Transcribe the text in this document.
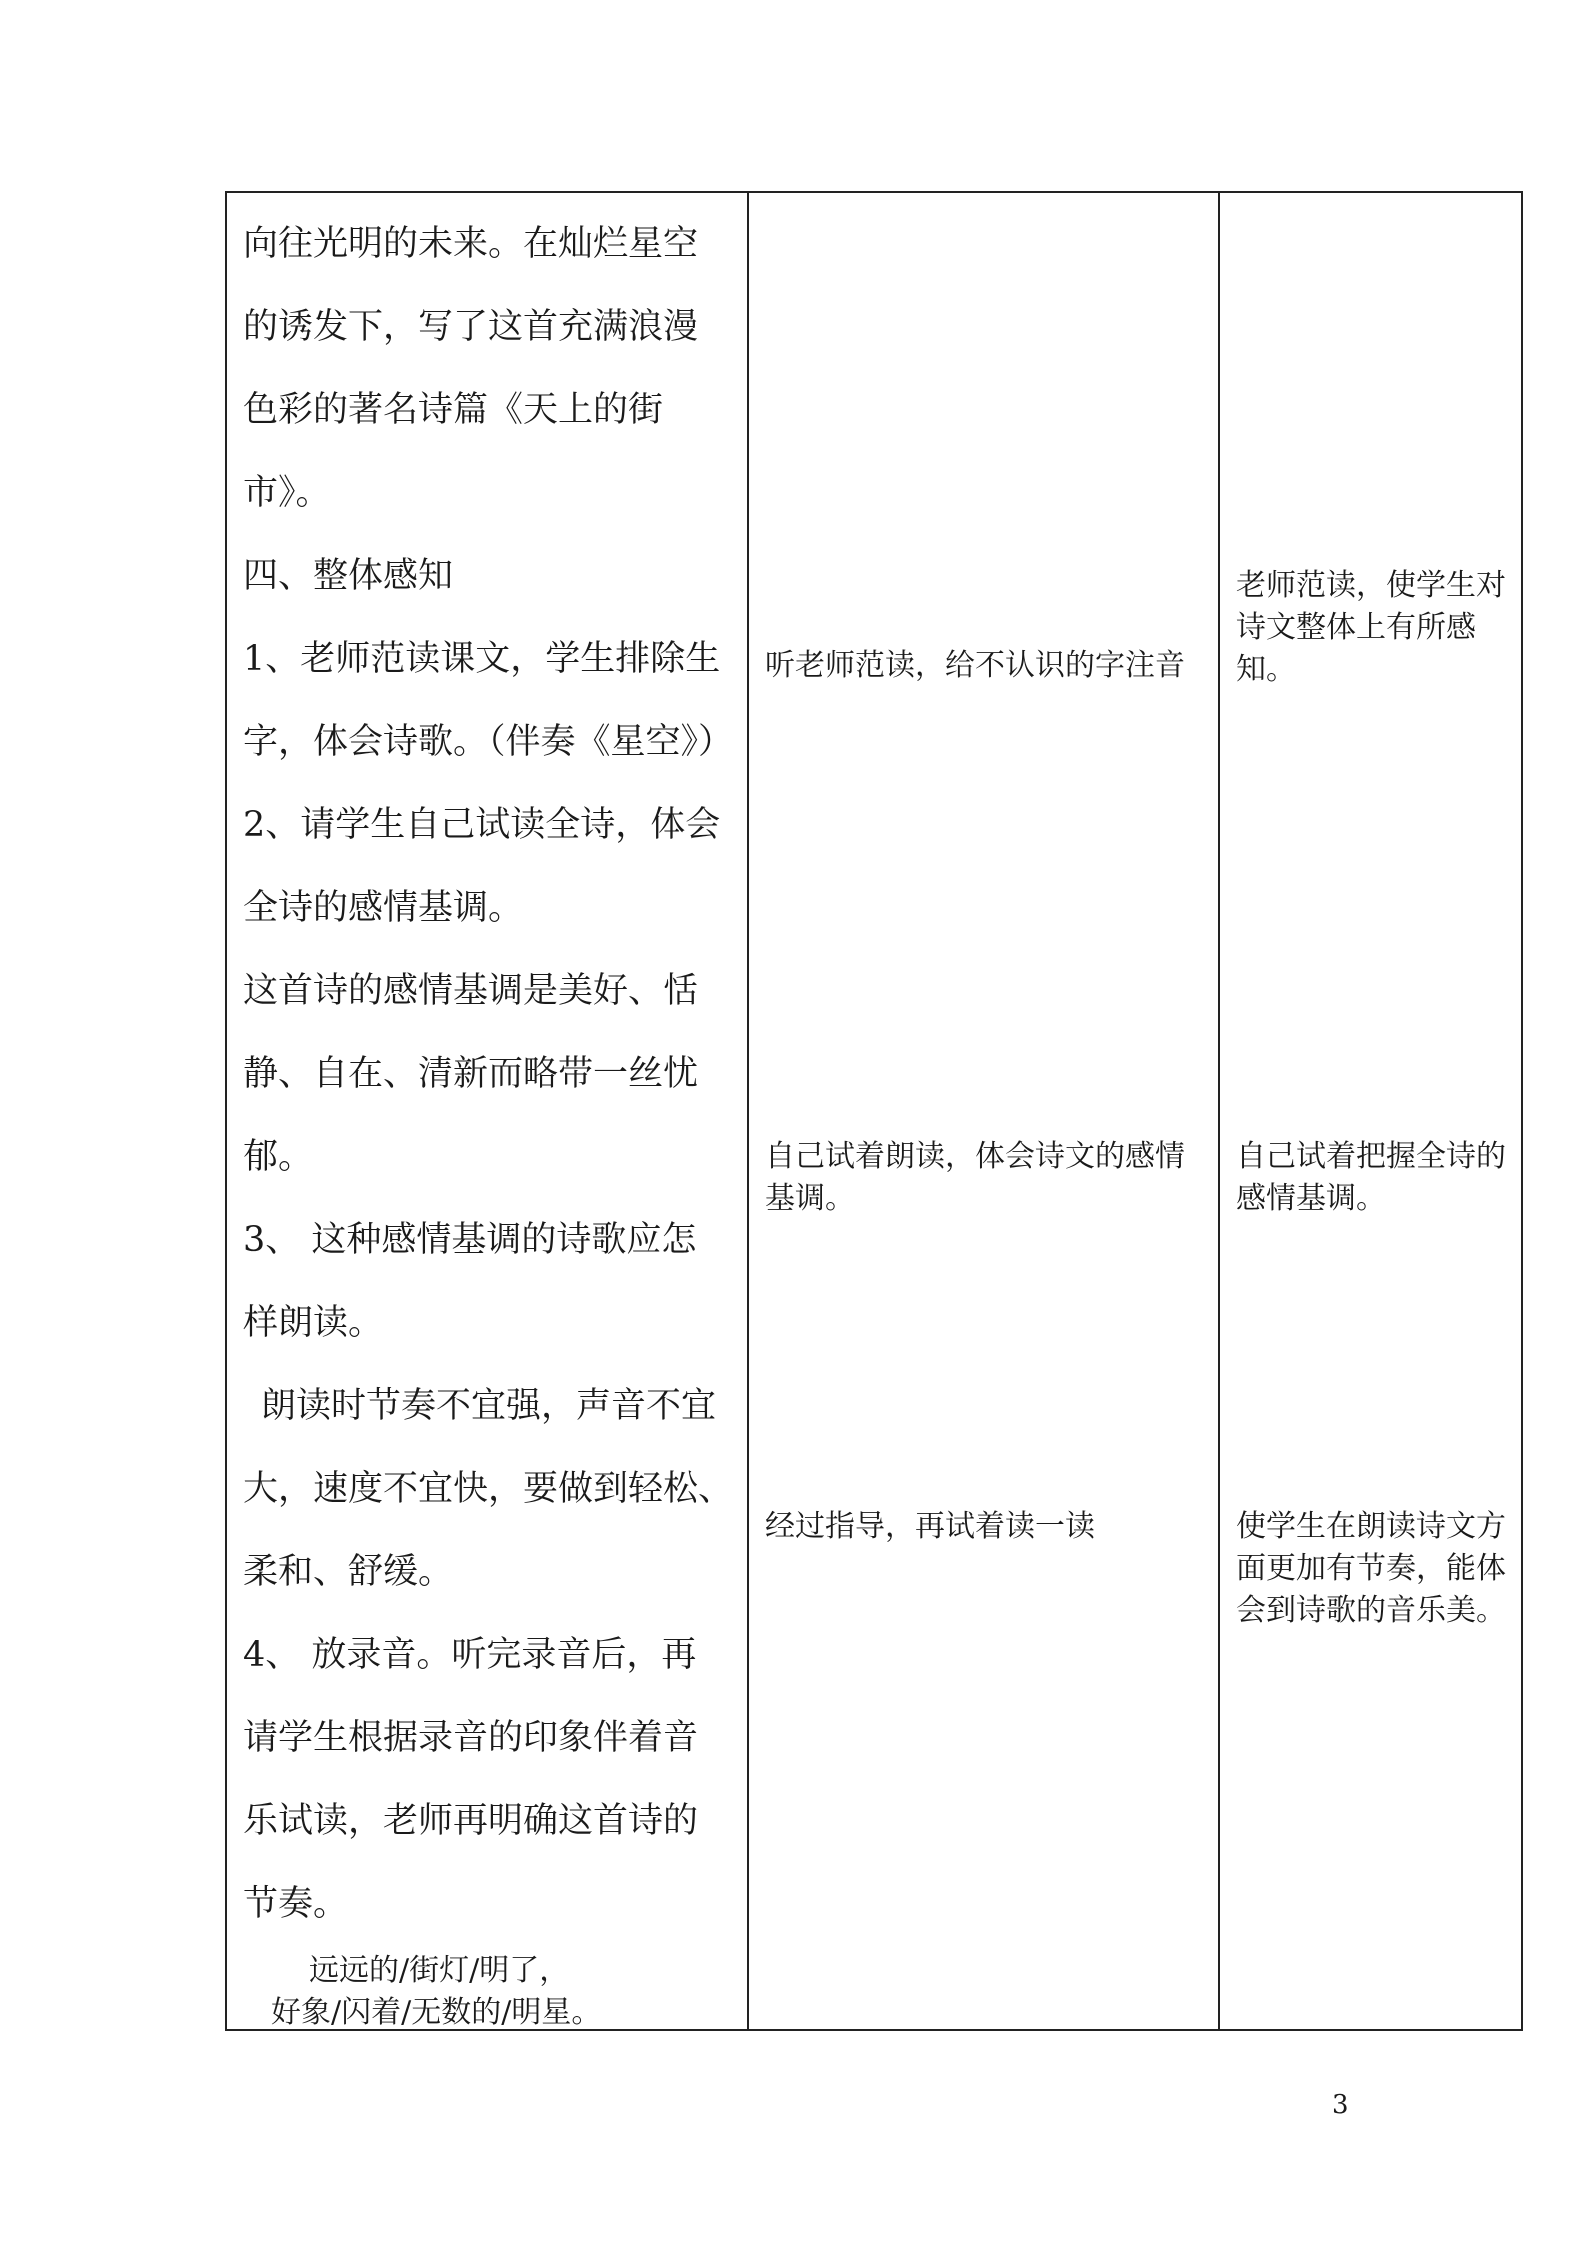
向往光明的未来。在灿烂星空

的诱发下，写了这首充满浪漫

色彩的著名诗篇《天上的街

市》。

四、整体感知

1、老师范读课文，学生排除生

字，体会诗歌。（伴奏《星空》）

2、请学生自己试读全诗，体会

全诗的感情基调。

这首诗的感情基调是美好、恬

静、自在、清新而略带一丝忧

郁。

3、 这种感情基调的诗歌应怎

样朗读。

朗读时节奏不宜强，声音不宜

大，速度不宜快，要做到轻松、

柔和、舒缓。

4、 放录音。听完录音后，再

请学生根据录音的印象伴着音

乐试读，老师再明确这首诗的

节奏。

远远的/街灯/明了，

好象/闪着/无数的/明星。

听老师范读，给不认识的字注音

自己试着朗读，体会诗文的感情基调。

经过指导，再试着读一读

老师范读，使学生对诗文整体上有所感知。

自己试着把握全诗的感情基调。

使学生在朗读诗文方面更加有节奏，能体会到诗歌的音乐美。

3
